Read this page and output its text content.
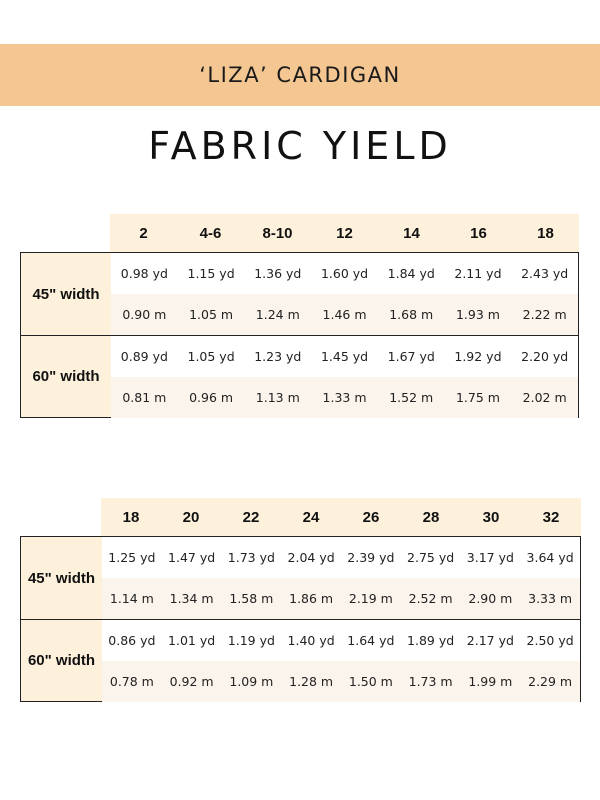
‘LIZA’ CARDIGAN
FABRIC YIELD
2	4-6	8-10	12	14	16	18
45" width
0.98 yd	1.15 yd	1.36 yd	1.60 yd	1.84 yd	2.11 yd	2.43 yd
0.90 m	1.05 m	1.24 m	1.46 m	1.68 m	1.93 m	2.22 m
60" width
0.89 yd	1.05 yd	1.23 yd	1.45 yd	1.67 yd	1.92 yd	2.20 yd
0.81 m	0.96 m	1.13 m	1.33 m	1.52 m	1.75 m	2.02 m
18	20	22	24	26	28	30	32
45" width
1.25 yd	1.47 yd	1.73 yd	2.04 yd	2.39 yd	2.75 yd	3.17 yd	3.64 yd
1.14 m	1.34 m	1.58 m	1.86 m	2.19 m	2.52 m	2.90 m	3.33 m
60" width
0.86 yd	1.01 yd	1.19 yd	1.40 yd	1.64 yd	1.89 yd	2.17 yd	2.50 yd
0.78 m	0.92 m	1.09 m	1.28 m	1.50 m	1.73 m	1.99 m	2.29 m
